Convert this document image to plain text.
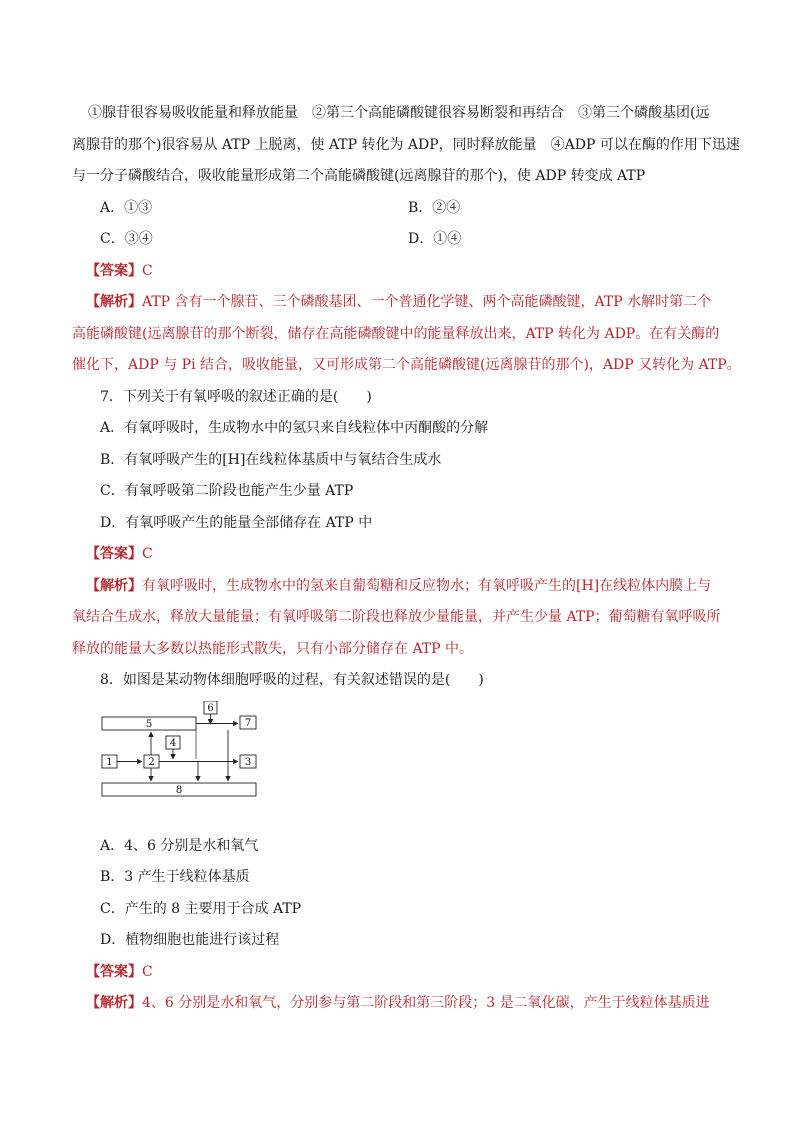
①腺苷很容易吸收能量和释放能量　②第三个高能磷酸键很容易断裂和再结合　③第三个磷酸基团(远
离腺苷的那个)很容易从 ATP 上脱离，使 ATP 转化为 ADP，同时释放能量　④ADP 可以在酶的作用下迅速
与一分子磷酸结合，吸收能量形成第二个高能磷酸键(远离腺苷的那个)，使 ADP 转变成 ATP
A．①③	B．②④
C．③④	D．①④
【答案】C
【解析】ATP 含有一个腺苷、三个磷酸基团、一个普通化学键、两个高能磷酸键，ATP 水解时第二个
高能磷酸键(远离腺苷的那个断裂，储存在高能磷酸键中的能量释放出来，ATP 转化为 ADP。在有关酶的
催化下，ADP 与 Pi 结合，吸收能量，又可形成第二个高能磷酸键(远离腺苷的那个)，ADP 又转化为 ATP。
7．下列关于有氧呼吸的叙述正确的是(　　)
A．有氧呼吸时，生成物水中的氢只来自线粒体中丙酮酸的分解
B．有氧呼吸产生的[H]在线粒体基质中与氧结合生成水
C．有氧呼吸第二阶段也能产生少量 ATP
D．有氧呼吸产生的能量全部储存在 ATP 中
【答案】C
【解析】有氧呼吸时，生成物水中的氢来自葡萄糖和反应物水；有氧呼吸产生的[H]在线粒体内膜上与
氧结合生成水，释放大量能量；有氧呼吸第二阶段也释放少量能量，并产生少量 ATP；葡萄糖有氧呼吸所
释放的能量大多数以热能形式散失，只有小部分储存在 ATP 中。
8．如图是某动物体细胞呼吸的过程，有关叙述错误的是(　　)
6
5	7
4
1	2	3
8
A．4、6 分别是水和氧气
B．3 产生于线粒体基质
C．产生的 8 主要用于合成 ATP
D．植物细胞也能进行该过程
【答案】C
【解析】4、6 分别是水和氧气，分别参与第二阶段和第三阶段；3 是二氧化碳，产生于线粒体基质进
